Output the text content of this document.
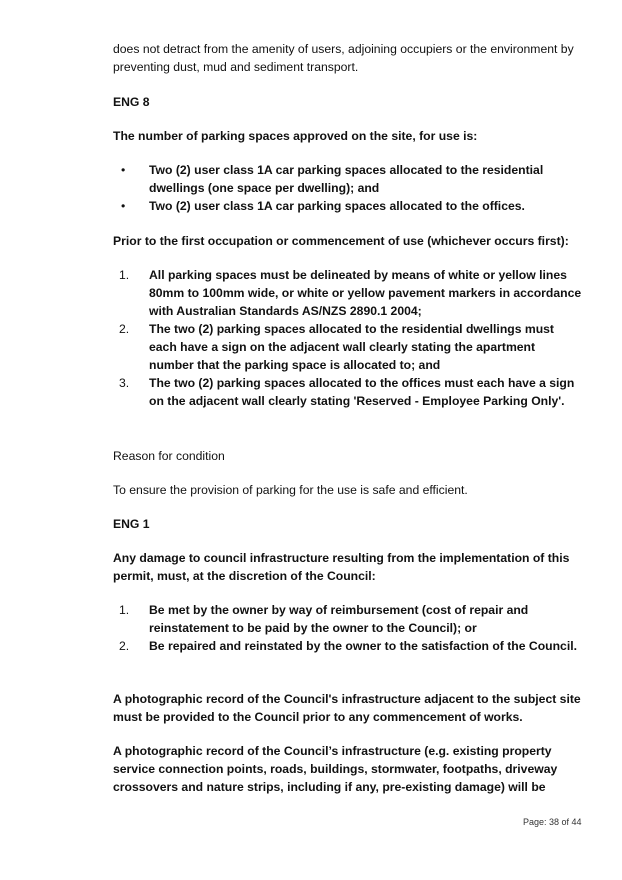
does not detract from the amenity of users, adjoining occupiers or the environment by preventing dust, mud and sediment transport.

ENG 8

The number of parking spaces approved on the site, for use is:

• Two (2) user class 1A car parking spaces allocated to the residential dwellings (one space per dwelling); and
• Two (2) user class 1A car parking spaces allocated to the offices.

Prior to the first occupation or commencement of use (whichever occurs first):

1. All parking spaces must be delineated by means of white or yellow lines 80mm to 100mm wide, or white or yellow pavement markers in accordance with Australian Standards AS/NZS 2890.1 2004;
2. The two (2) parking spaces allocated to the residential dwellings must each have a sign on the adjacent wall clearly stating the apartment number that the parking space is allocated to; and
3. The two (2) parking spaces allocated to the offices must each have a sign on the adjacent wall clearly stating 'Reserved - Employee Parking Only'.

Reason for condition

To ensure the provision of parking for the use is safe and efficient.

ENG 1

Any damage to council infrastructure resulting from the implementation of this permit, must, at the discretion of the Council:

1. Be met by the owner by way of reimbursement (cost of repair and reinstatement to be paid by the owner to the Council); or
2. Be repaired and reinstated by the owner to the satisfaction of the Council.

A photographic record of the Council's infrastructure adjacent to the subject site must be provided to the Council prior to any commencement of works.

A photographic record of the Council’s infrastructure (e.g. existing property service connection points, roads, buildings, stormwater, footpaths, driveway crossovers and nature strips, including if any, pre-existing damage) will be

Page: 38 of 44
